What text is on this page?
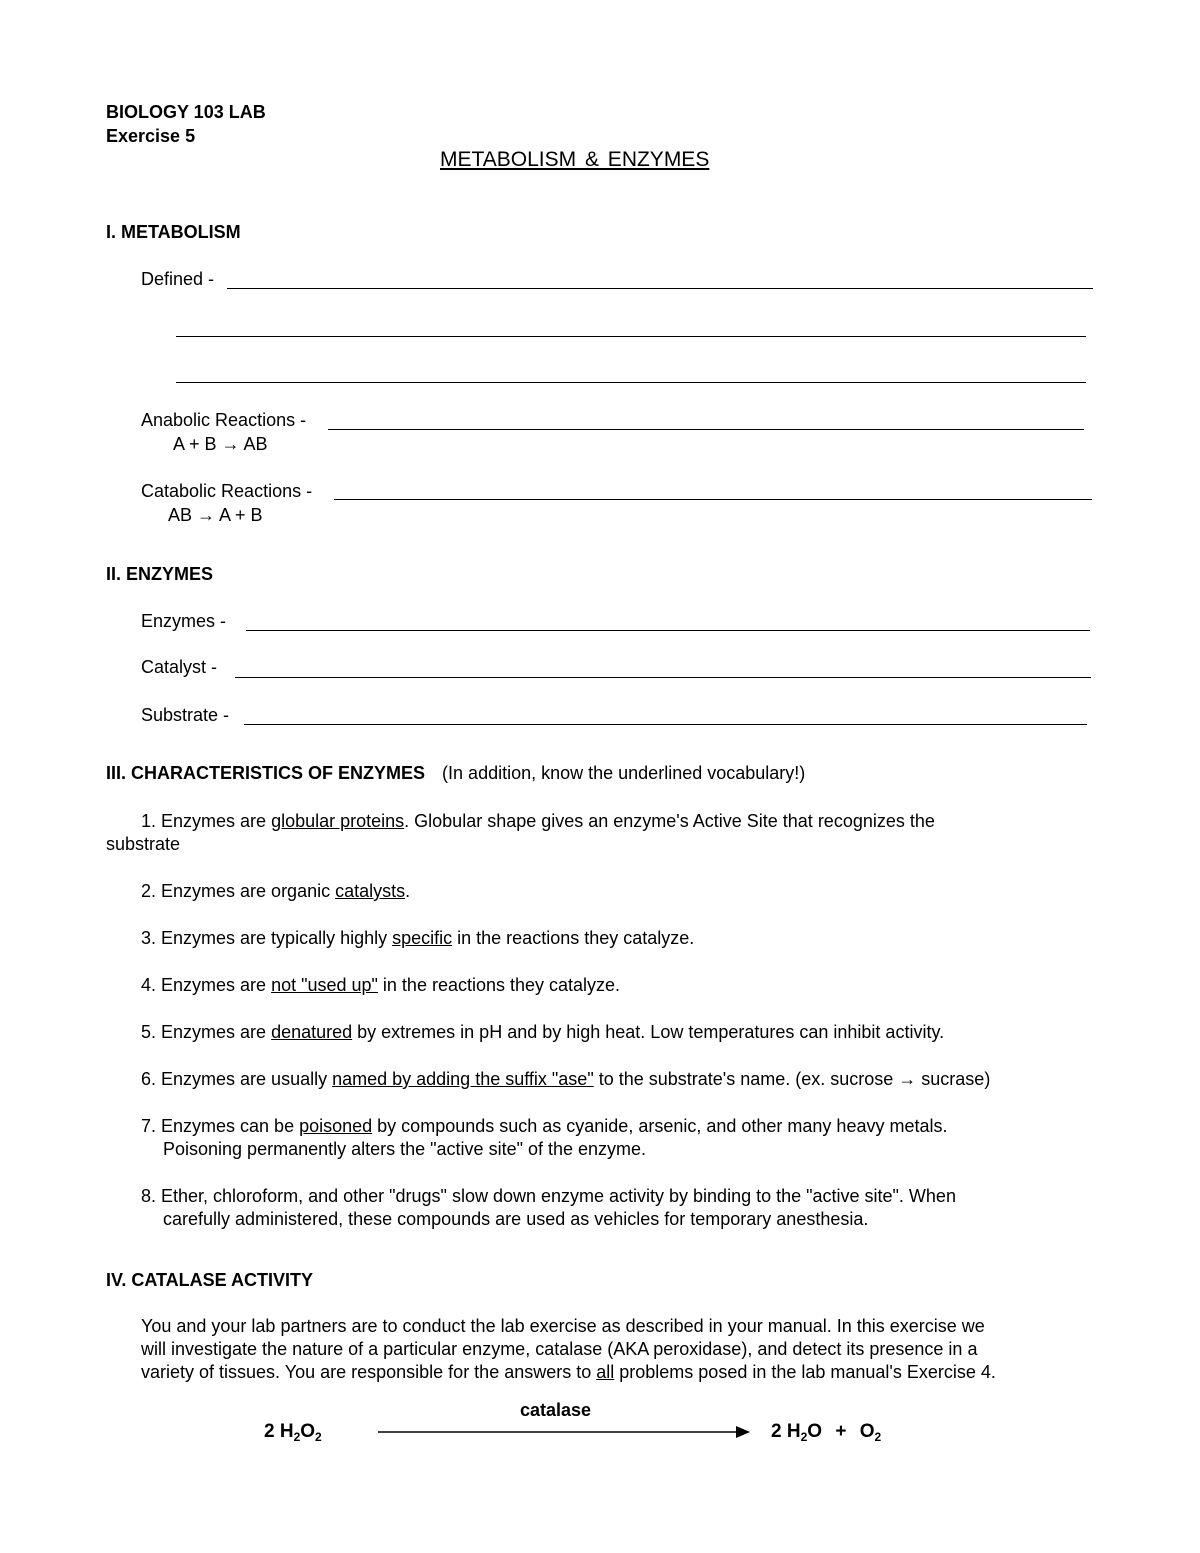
BIOLOGY 103 LAB
Exercise 5
METABOLISM & ENZYMES
I. METABOLISM
Defined -
Anabolic Reactions -
A + B → AB
Catabolic Reactions -
AB → A + B
II. ENZYMES
Enzymes -
Catalyst -
Substrate -
III. CHARACTERISTICS OF ENZYMES (In addition, know the underlined vocabulary!)
1. Enzymes are globular proteins. Globular shape gives an enzyme's Active Site that recognizes the
substrate
2. Enzymes are organic catalysts.
3. Enzymes are typically highly specific in the reactions they catalyze.
4. Enzymes are not "used up" in the reactions they catalyze.
5. Enzymes are denatured by extremes in pH and by high heat. Low temperatures can inhibit activity.
6. Enzymes are usually named by adding the suffix "ase" to the substrate's name. (ex. sucrose → sucrase)
7. Enzymes can be poisoned by compounds such as cyanide, arsenic, and other many heavy metals.
Poisoning permanently alters the "active site" of the enzyme.
8. Ether, chloroform, and other "drugs" slow down enzyme activity by binding to the "active site". When
carefully administered, these compounds are used as vehicles for temporary anesthesia.
IV. CATALASE ACTIVITY
You and your lab partners are to conduct the lab exercise as described in your manual. In this exercise we
will investigate the nature of a particular enzyme, catalase (AKA peroxidase), and detect its presence in a
variety of tissues. You are responsible for the answers to all problems posed in the lab manual's Exercise 4.
catalase
2 $H_2O_2$	2 $H_2O + O_2$
